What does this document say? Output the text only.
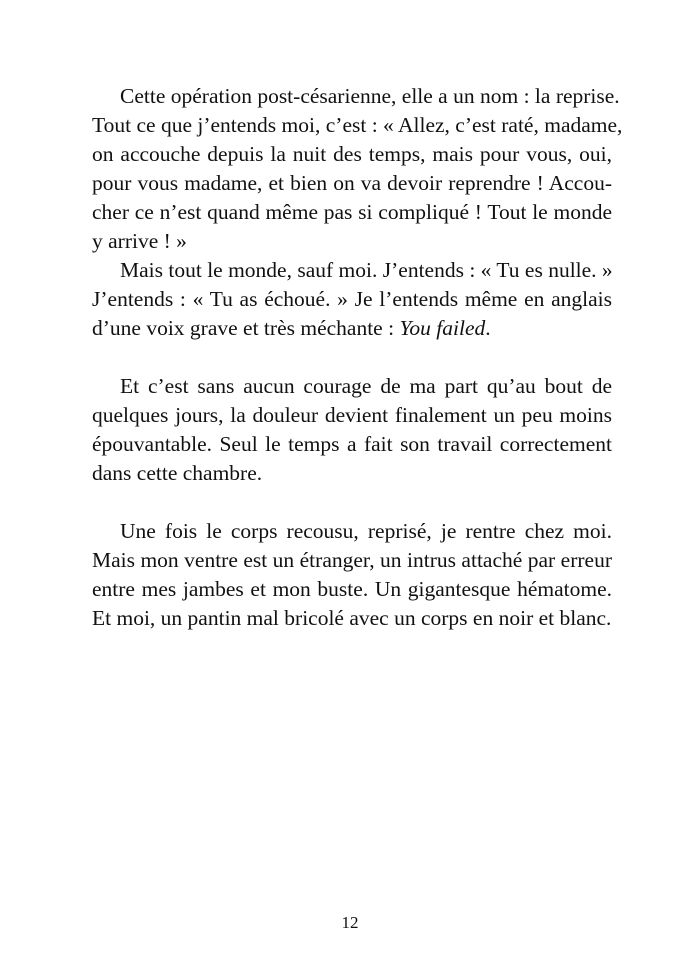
Cette opération post-césarienne, elle a un nom : la reprise.
Tout ce que j’entends moi, c’est : « Allez, c’est raté, madame,
on accouche depuis la nuit des temps, mais pour vous, oui,
pour vous madame, et bien on va devoir reprendre ! Accou-
cher ce n’est quand même pas si compliqué ! Tout le monde
y arrive ! »
Mais tout le monde, sauf moi. J’entends : « Tu es nulle. »
J’entends : « Tu as échoué. » Je l’entends même en anglais
d’une voix grave et très méchante : You failed.
Et c’est sans aucun courage de ma part qu’au bout de
quelques jours, la douleur devient finalement un peu moins
épouvantable. Seul le temps a fait son travail correctement
dans cette chambre.
Une fois le corps recousu, reprisé, je rentre chez moi.
Mais mon ventre est un étranger, un intrus attaché par erreur
entre mes jambes et mon buste. Un gigantesque hématome.
Et moi, un pantin mal bricolé avec un corps en noir et blanc.
12
